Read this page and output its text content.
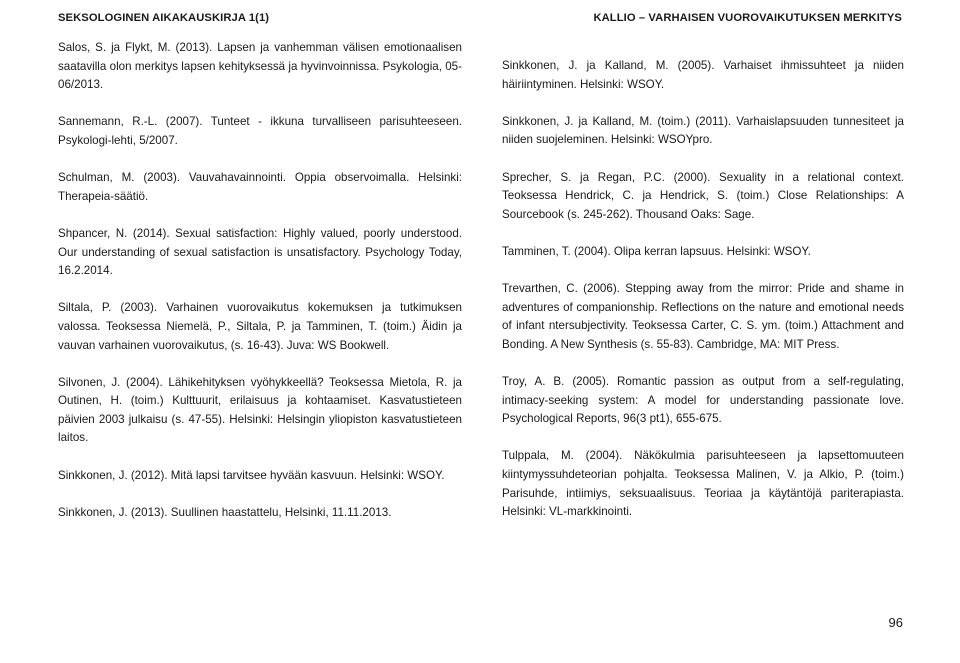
SEKSOLOGINEN AIKAKAUSKIRJA 1(1)	KALLIO – VARHAISEN VUOROVAIKUTUKSEN MERKITYS
Salos, S. ja Flykt, M. (2013). Lapsen ja vanhemman välisen emotionaalisen saatavilla olon merkitys lapsen kehityksessä ja hyvinvoinnissa. Psykologia, 05-06/2013.
Sannemann, R.-L. (2007). Tunteet - ikkuna turvalliseen parisuhteeseen. Psykologi-lehti, 5/2007.
Schulman, M. (2003). Vauvahavainnointi. Oppia observoimalla. Helsinki: Therapeia-säätiö.
Shpancer, N. (2014). Sexual satisfaction: Highly valued, poorly understood. Our understanding of sexual satisfaction is unsatisfactory. Psychology Today, 16.2.2014.
Siltala, P. (2003). Varhainen vuorovaikutus kokemuksen ja tutkimuksen valossa. Teoksessa Niemelä, P., Siltala, P. ja Tamminen, T. (toim.) Äidin ja vauvan varhainen vuorovaikutus, (s. 16-43). Juva: WS Bookwell.
Silvonen, J. (2004). Lähikehityksen vyöhykkeellä? Teoksessa Mietola, R. ja Outinen, H. (toim.) Kulttuurit, erilaisuus ja kohtaamiset. Kasvatustieteen päivien 2003 julkaisu (s. 47-55). Helsinki: Helsingin yliopiston kasvatustieteen laitos.
Sinkkonen, J. (2012). Mitä lapsi tarvitsee hyvään kasvuun. Helsinki: WSOY.
Sinkkonen, J. (2013). Suullinen haastattelu, Helsinki, 11.11.2013.
Sinkkonen, J. ja Kalland, M. (2005). Varhaiset ihmissuhteet ja niiden häiriintyminen. Helsinki: WSOY.
Sinkkonen, J. ja Kalland, M. (toim.) (2011). Varhaislapsuuden tunnesiteet ja niiden suojeleminen. Helsinki: WSOYpro.
Sprecher, S. ja Regan, P.C. (2000). Sexuality in a relational context. Teoksessa Hendrick, C. ja Hendrick, S. (toim.) Close Relationships: A Sourcebook (s. 245-262). Thousand Oaks: Sage.
Tamminen, T. (2004). Olipa kerran lapsuus. Helsinki: WSOY.
Trevarthen, C. (2006). Stepping away from the mirror: Pride and shame in adventures of companionship. Reflections on the nature and emotional needs of infant ntersubjectivity. Teoksessa Carter, C. S. ym. (toim.) Attachment and Bonding. A New Synthesis (s. 55-83). Cambridge, MA: MIT Press.
Troy, A. B. (2005). Romantic passion as output from a self-regulating, intimacy-seeking system: A model for understanding passionate love. Psychological Reports, 96(3 pt1), 655-675.
Tulppala, M. (2004). Näkökulmia parisuhteeseen ja lapsettomuuteen kiintymyssuhdeteorian pohjalta. Teoksessa Malinen, V. ja Alkio, P. (toim.) Parisuhde, intiimiys, seksuaalisuus. Teoriaa ja käytäntöjä pariterapiasta. Helsinki: VL-markkinointi.
96
